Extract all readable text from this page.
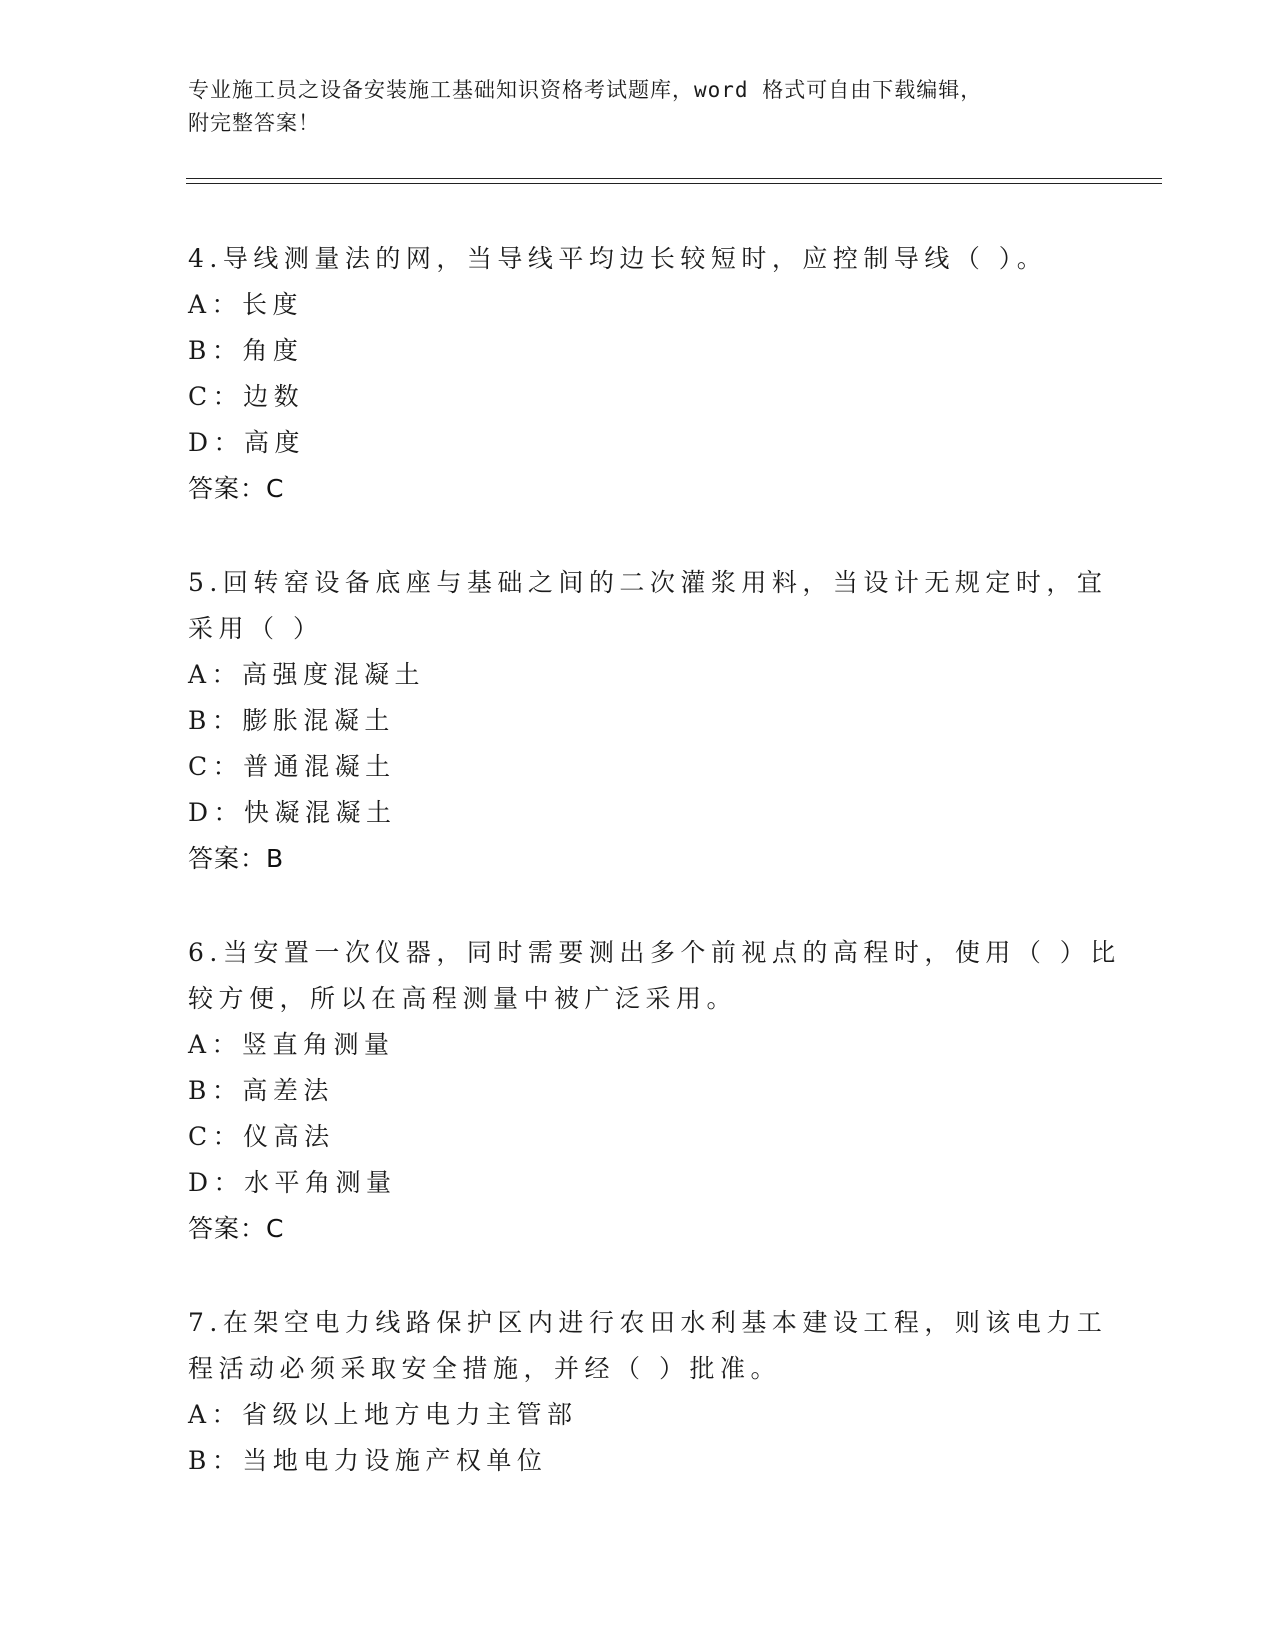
专业施工员之设备安装施工基础知识资格考试题库，word 格式可自由下载编辑，
附完整答案！
4.导线测量法的网，当导线平均边长较短时，应控制导线（ ）。
A：长度
B：角度
C：边数
D：高度
答案：C
5.回转窑设备底座与基础之间的二次灌浆用料，当设计无规定时，宜
采用（ ）
A：高强度混凝土
B：膨胀混凝土
C：普通混凝土
D：快凝混凝土
答案：B
6.当安置一次仪器，同时需要测出多个前视点的高程时，使用（ ）比
较方便，所以在高程测量中被广泛采用。
A：竖直角测量
B：高差法
C：仪高法
D：水平角测量
答案：C
7.在架空电力线路保护区内进行农田水利基本建设工程，则该电力工
程活动必须采取安全措施，并经（ ）批准。
A：省级以上地方电力主管部
B：当地电力设施产权单位
